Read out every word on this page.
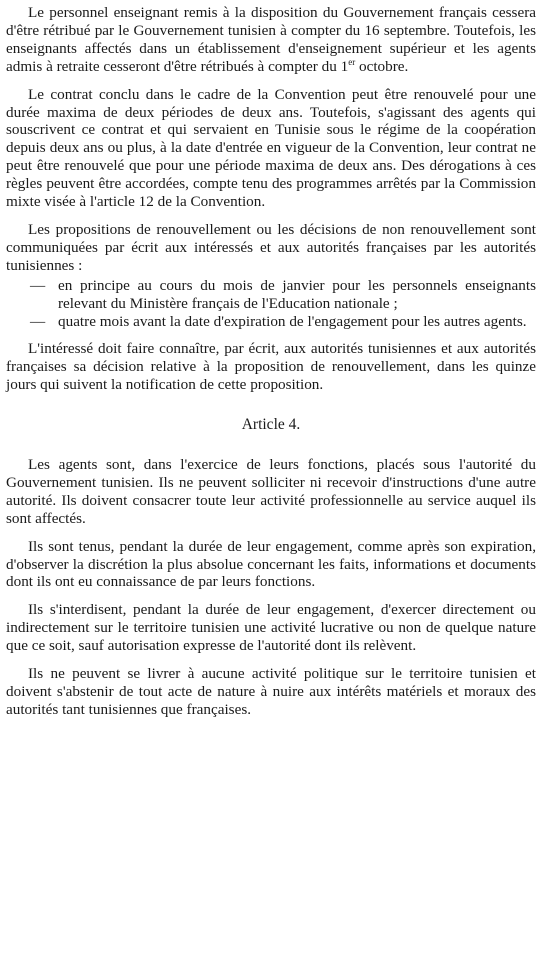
Le personnel enseignant remis à la disposition du Gouvernement français cessera d'être rétribué par le Gouvernement tunisien à compter du 16 septembre. Toutefois, les enseignants affectés dans un établissement d'enseignement supérieur et les agents admis à retraite cesseront d'être rétribués à compter du 1er octobre.

Le contrat conclu dans le cadre de la Convention peut être renouvelé pour une durée maxima de deux périodes de deux ans. Toutefois, s'agissant des agents qui souscrivent ce contrat et qui servaient en Tunisie sous le régime de la coopération depuis deux ans ou plus, à la date d'entrée en vigueur de la Convention, leur contrat ne peut être renouvelé que pour une période maxima de deux ans. Des dérogations à ces règles peuvent être accordées, compte tenu des programmes arrêtés par la Commission mixte visée à l'article 12 de la Convention.

Les propositions de renouvellement ou les décisions de non renouvellement sont communiquées par écrit aux intéressés et aux autorités françaises par les autorités tunisiennes :

— en principe au cours du mois de janvier pour les personnels enseignants relevant du Ministère français de l'Education nationale ;
— quatre mois avant la date d'expiration de l'engagement pour les autres agents.

L'intéressé doit faire connaître, par écrit, aux autorités tunisiennes et aux autorités françaises sa décision relative à la proposition de renouvellement, dans les quinze jours qui suivent la notification de cette proposition.

Article 4.

Les agents sont, dans l'exercice de leurs fonctions, placés sous l'autorité du Gouvernement tunisien. Ils ne peuvent solliciter ni recevoir d'instructions d'une autre autorité. Ils doivent consacrer toute leur activité professionnelle au service auquel ils sont affectés.

Ils sont tenus, pendant la durée de leur engagement, comme après son expiration, d'observer la discrétion la plus absolue concernant les faits, informations et documents dont ils ont eu connaissance de par leurs fonctions.

Ils s'interdisent, pendant la durée de leur engagement, d'exercer directement ou indirectement sur le territoire tunisien une activité lucrative ou non de quelque nature que ce soit, sauf autorisation expresse de l'autorité dont ils relèvent.

Ils ne peuvent se livrer à aucune activité politique sur le territoire tunisien et doivent s'abstenir de tout acte de nature à nuire aux intérêts matériels et moraux des autorités tant tunisiennes que françaises.
